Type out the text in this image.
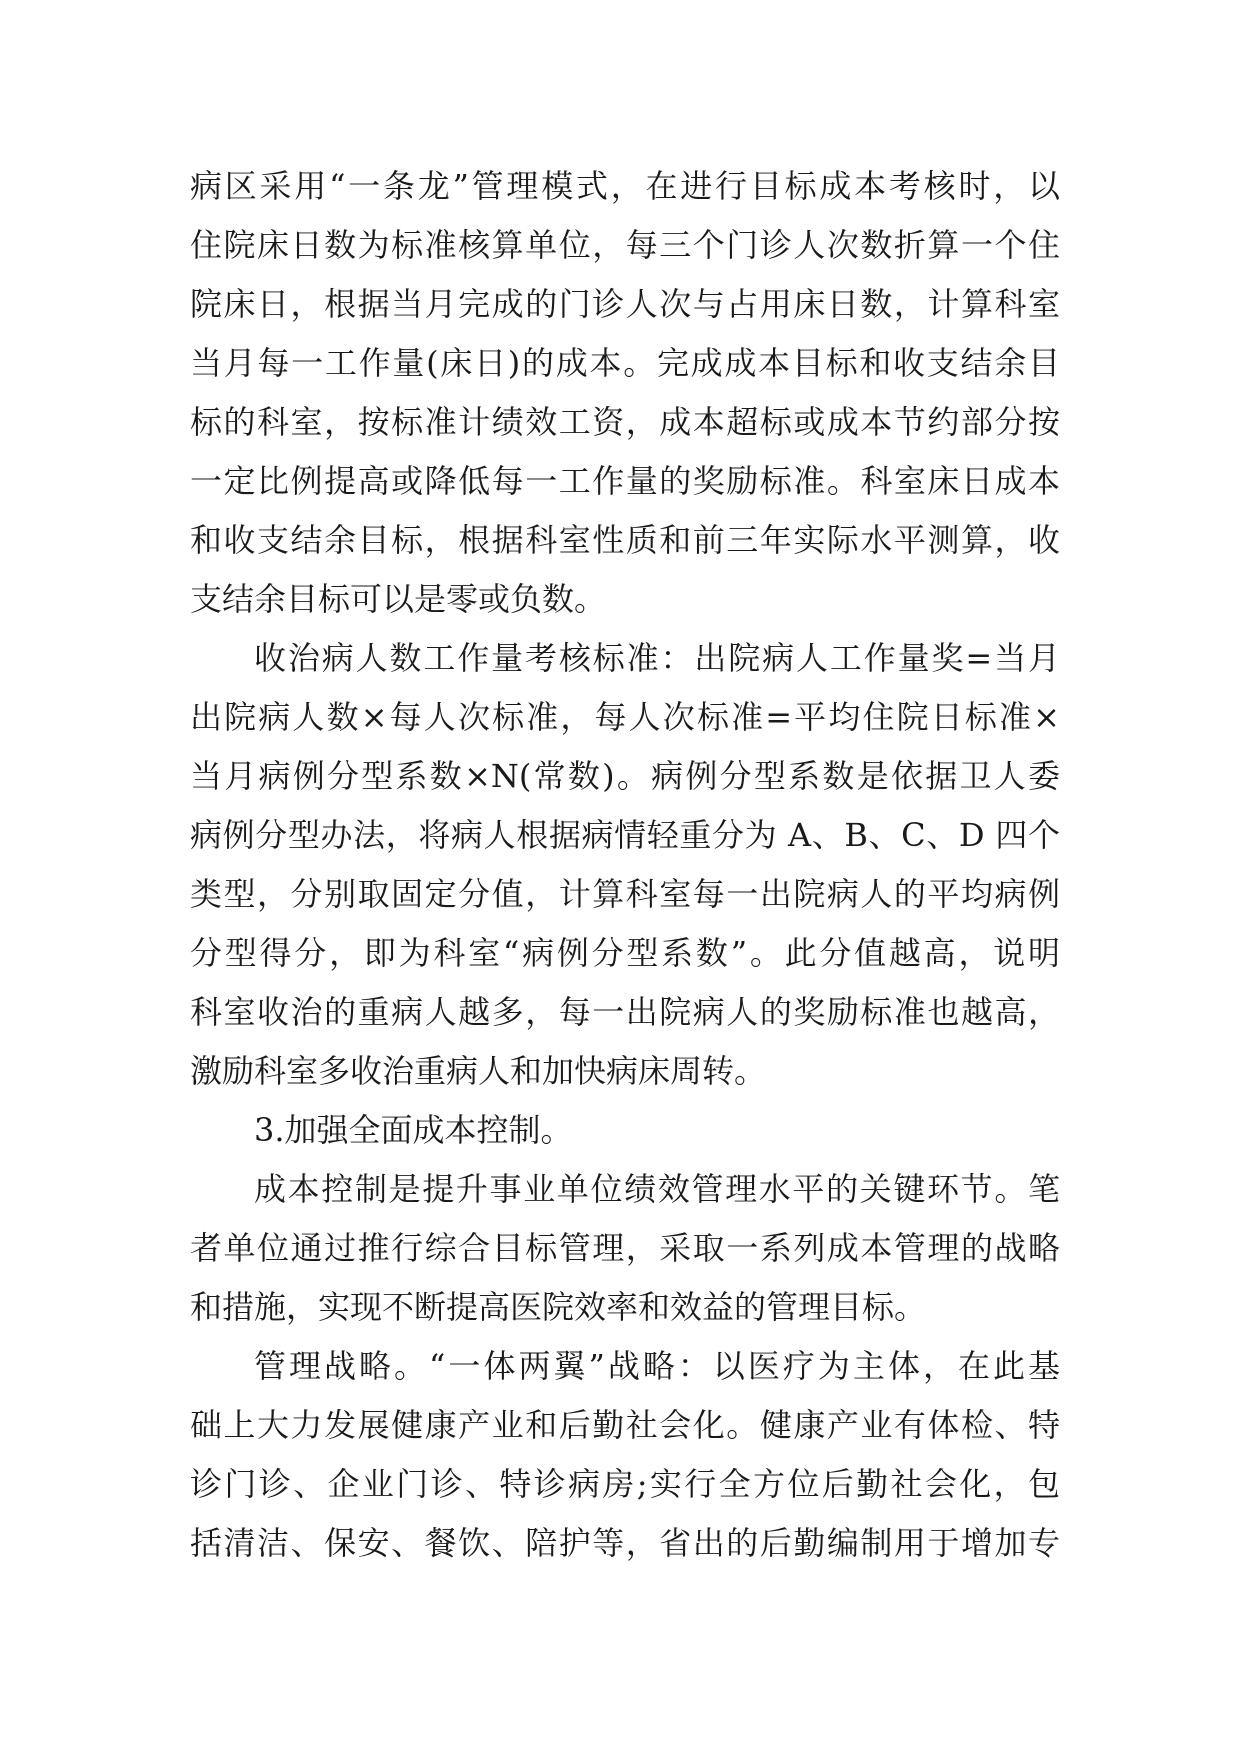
病区采用“一条龙”管理模式，在进行目标成本考核时，以
住院床日数为标准核算单位，每三个门诊人次数折算一个住
院床日，根据当月完成的门诊人次与占用床日数，计算科室
当月每一工作量(床日)的成本。完成成本目标和收支结余目
标的科室，按标准计绩效工资，成本超标或成本节约部分按
一定比例提高或降低每一工作量的奖励标准。科室床日成本
和收支结余目标，根据科室性质和前三年实际水平测算，收
支结余目标可以是零或负数。
收治病人数工作量考核标准：出院病人工作量奖=当月
出院病人数×每人次标准，每人次标准=平均住院日标准×
当月病例分型系数×N(常数)。病例分型系数是依据卫人委
病例分型办法，将病人根据病情轻重分为 A、B、C、D 四个
类型，分别取固定分值，计算科室每一出院病人的平均病例
分型得分，即为科室“病例分型系数”。此分值越高，说明
科室收治的重病人越多，每一出院病人的奖励标准也越高，
激励科室多收治重病人和加快病床周转。
3.加强全面成本控制。
成本控制是提升事业单位绩效管理水平的关键环节。笔
者单位通过推行综合目标管理，采取一系列成本管理的战略
和措施，实现不断提高医院效率和效益的管理目标。
管理战略。“一体两翼”战略：以医疗为主体，在此基
础上大力发展健康产业和后勤社会化。健康产业有体检、特
诊门诊、企业门诊、特诊病房;实行全方位后勤社会化，包
括清洁、保安、餐饮、陪护等，省出的后勤编制用于增加专
